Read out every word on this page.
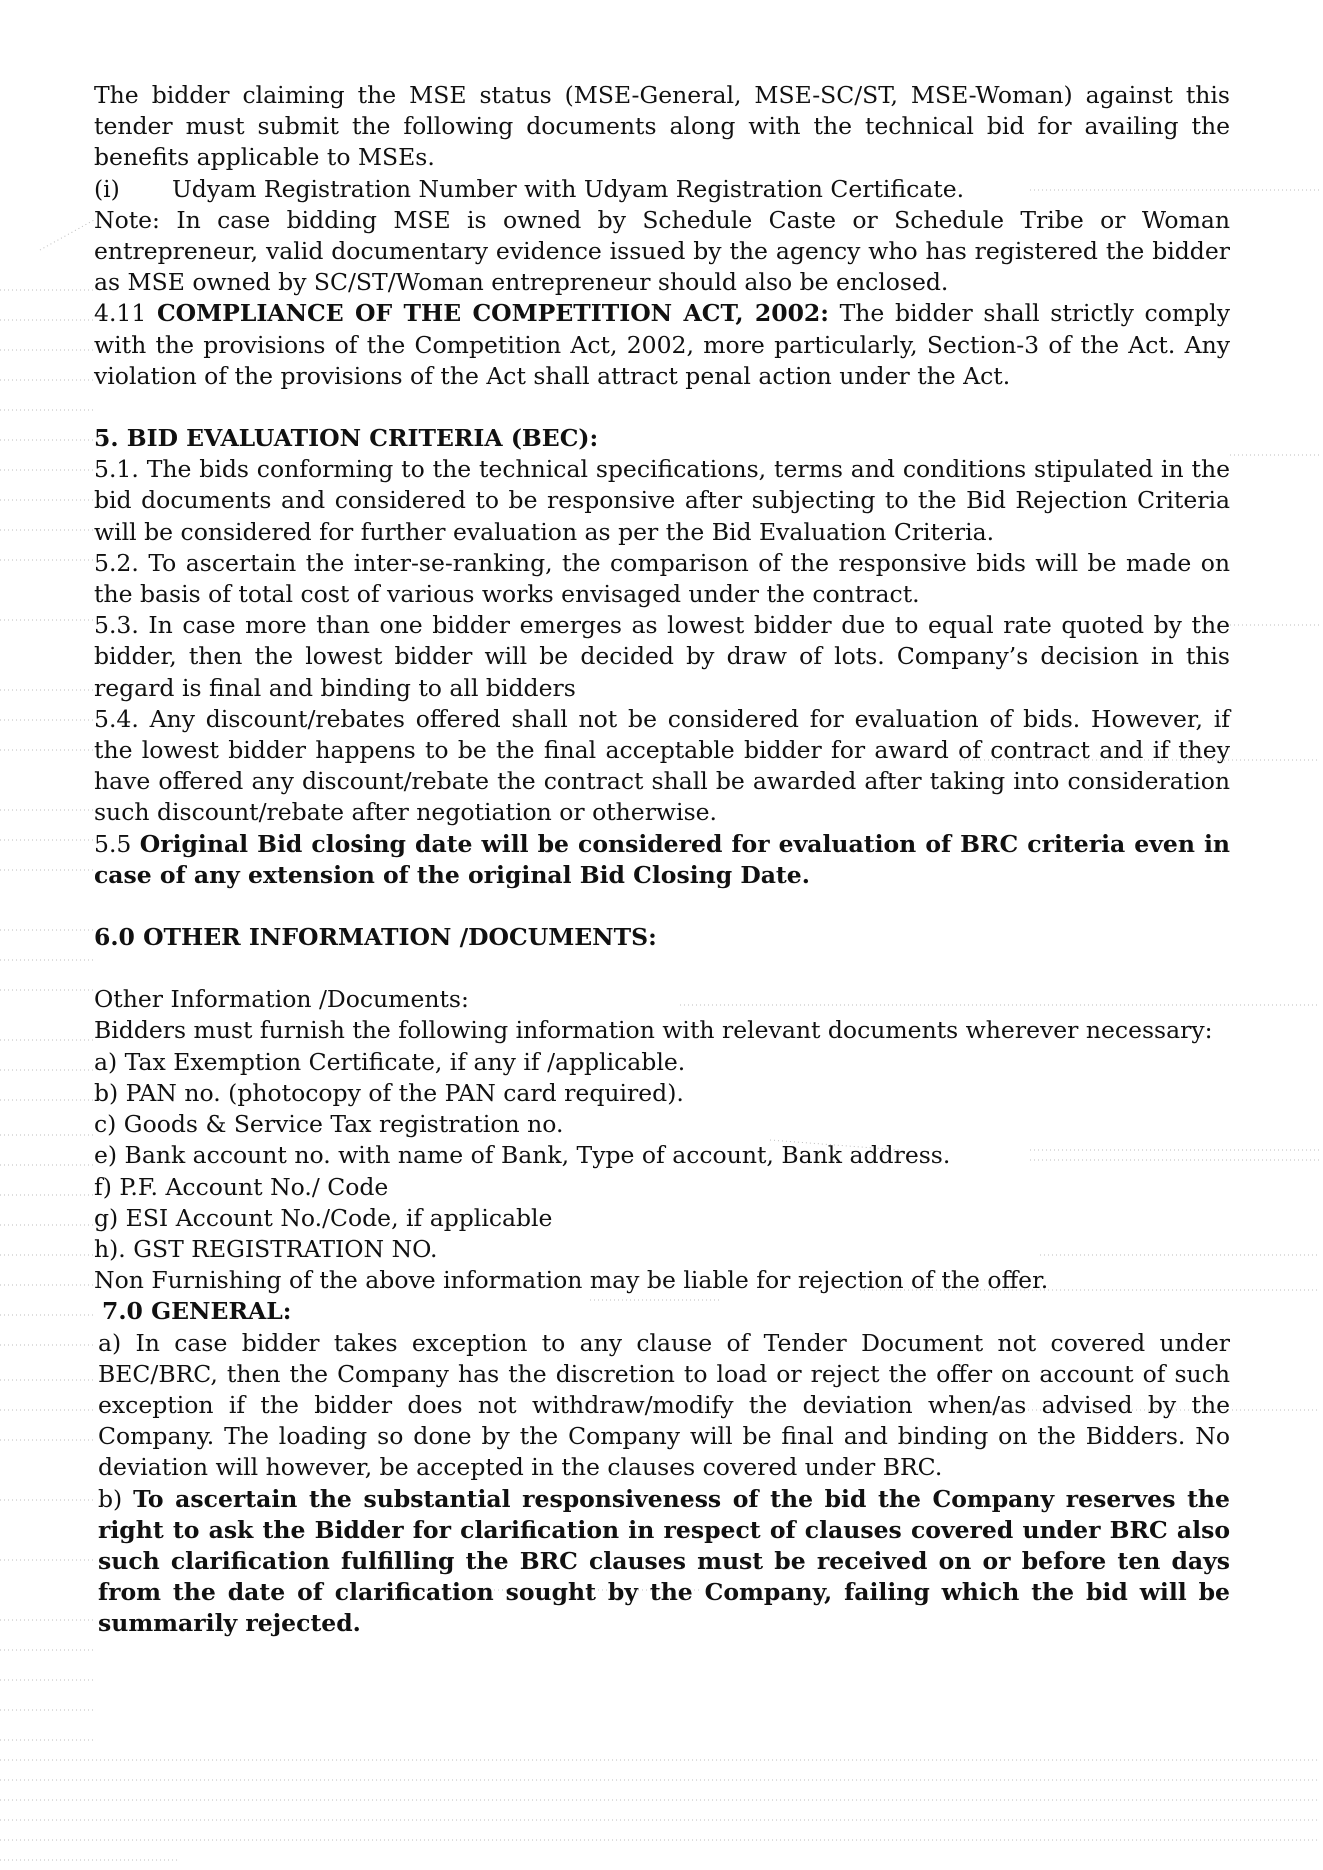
The bidder claiming the MSE status (MSE-General, MSE-SC/ST, MSE-Woman) against this tender must submit the following documents along with the technical bid for availing the benefits applicable to MSEs.

(i) Udyam Registration Number with Udyam Registration Certificate.

Note: In case bidding MSE is owned by Schedule Caste or Schedule Tribe or Woman entrepreneur, valid documentary evidence issued by the agency who has registered the bidder as MSE owned by SC/ST/Woman entrepreneur should also be enclosed.

4.11 COMPLIANCE OF THE COMPETITION ACT, 2002: The bidder shall strictly comply with the provisions of the Competition Act, 2002, more particularly, Section-3 of the Act. Any violation of the provisions of the Act shall attract penal action under the Act.

5. BID EVALUATION CRITERIA (BEC):

5.1. The bids conforming to the technical specifications, terms and conditions stipulated in the bid documents and considered to be responsive after subjecting to the Bid Rejection Criteria will be considered for further evaluation as per the Bid Evaluation Criteria.

5.2. To ascertain the inter-se-ranking, the comparison of the responsive bids will be made on the basis of total cost of various works envisaged under the contract.

5.3. In case more than one bidder emerges as lowest bidder due to equal rate quoted by the bidder, then the lowest bidder will be decided by draw of lots. Company’s decision in this regard is final and binding to all bidders

5.4. Any discount/rebates offered shall not be considered for evaluation of bids. However, if the lowest bidder happens to be the final acceptable bidder for award of contract and if they have offered any discount/rebate the contract shall be awarded after taking into consideration such discount/rebate after negotiation or otherwise.

5.5 Original Bid closing date will be considered for evaluation of BRC criteria even in case of any extension of the original Bid Closing Date.

6.0 OTHER INFORMATION /DOCUMENTS:

Other Information /Documents:

Bidders must furnish the following information with relevant documents wherever necessary:

a) Tax Exemption Certificate, if any if /applicable.

b) PAN no. (photocopy of the PAN card required).

c) Goods & Service Tax registration no.

e) Bank account no. with name of Bank, Type of account, Bank address.

f) P.F. Account No./ Code

g) ESI Account No./Code, if applicable

h). GST REGISTRATION NO.

Non Furnishing of the above information may be liable for rejection of the offer.

7.0 GENERAL:

a) In case bidder takes exception to any clause of Tender Document not covered under BEC/BRC, then the Company has the discretion to load or reject the offer on account of such exception if the bidder does not withdraw/modify the deviation when/as advised by the Company. The loading so done by the Company will be final and binding on the Bidders. No deviation will however, be accepted in the clauses covered under BRC.

b) To ascertain the substantial responsiveness of the bid the Company reserves the right to ask the Bidder for clarification in respect of clauses covered under BRC also such clarification fulfilling the BRC clauses must be received on or before ten days from the date of clarification sought by the Company, failing which the bid will be summarily rejected.
